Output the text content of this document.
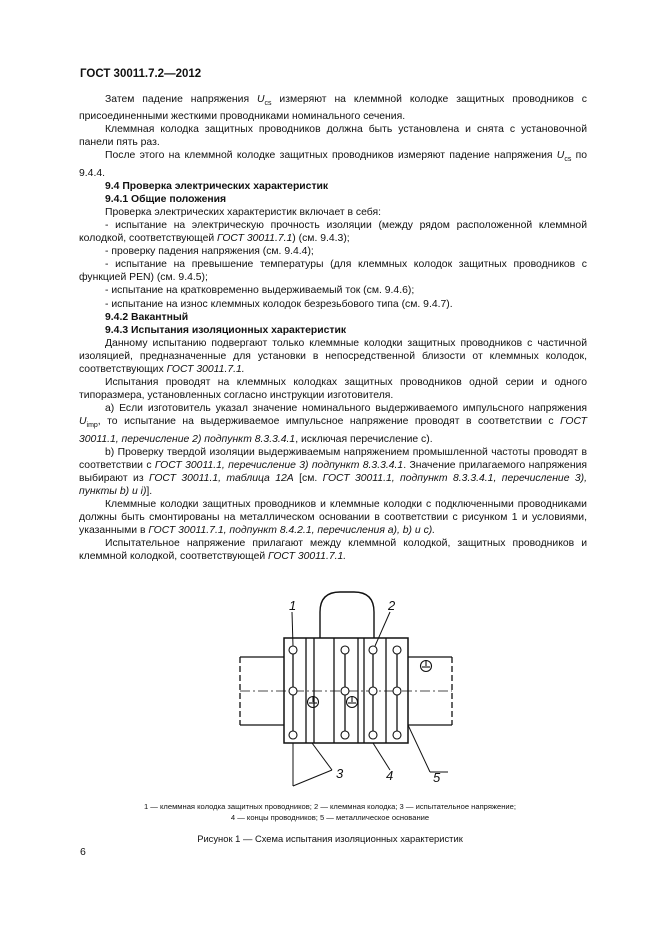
ГОСТ 30011.7.2—2012

Затем падение напряжения $U_{cs}$ измеряют на клеммной колодке защитных проводников с присоединенными жесткими проводниками номинального сечения.

Клеммная колодка защитных проводников должна быть установлена и снята с установочной панели пять раз.

После этого на клеммной колодке защитных проводников измеряют падение напряжения $U_{cs}$ по 9.4.4.

9.4 Проверка электрических характеристик

9.4.1 Общие положения

Проверка электрических характеристик включает в себя:

- испытание на электрическую прочность изоляции (между рядом расположенной клеммной колодкой, соответствующей ГОСТ 30011.7.1) (см. 9.4.3);

- проверку падения напряжения (см. 9.4.4);

- испытание на превышение температуры (для клеммных колодок защитных проводников с функцией PEN) (см. 9.4.5);

- испытание на кратковременно выдерживаемый ток (см. 9.4.6);

- испытание на износ клеммных колодок безрезьбового типа (см. 9.4.7).

9.4.2 Вакантный

9.4.3 Испытания изоляционных характеристик

Данному испытанию подвергают только клеммные колодки защитных проводников с частичной изоляцией, предназначенные для установки в непосредственной близости от клеммных колодок, соответствующих ГОСТ 30011.7.1.

Испытания проводят на клеммных колодках защитных проводников одной серии и одного типоразмера, установленных согласно инструкции изготовителя.

a) Если изготовитель указал значение номинального выдерживаемого импульсного напряжения $U_{imp}$, то испытание на выдерживаемое импульсное напряжение проводят в соответствии с ГОСТ 30011.1, перечисление 2) подпункт 8.3.3.4.1, исключая перечисление c).

b) Проверку твердой изоляции выдерживаемым напряжением промышленной частоты проводят в соответствии с ГОСТ 30011.1, перечисление 3) подпункт 8.3.3.4.1. Значение прилагаемого напряжения выбирают из ГОСТ 30011.1, таблица 12А [см. ГОСТ 30011.1, подпункт 8.3.3.4.1, перечисление 3), пункты b) и i)].

Клеммные колодки защитных проводников и клеммные колодки с подключенными проводниками должны быть смонтированы на металлическом основании в соответствии с рисунком 1 и условиями, указанными в ГОСТ 30011.7.1, подпункт 8.4.2.1, перечисления а), b) и с).

Испытательное напряжение прилагают между клеммной колодкой, защитных проводников и клеммной колодкой, соответствующей ГОСТ 30011.7.1.

1	2
3	4	5
1 — клеммная колодка защитных проводников; 2 — клеммная колодка; 3 — испытательное напряжение;
4 — концы проводников; 5 — металлическое основание
Рисунок 1 — Схема испытания изоляционных характеристик
6
